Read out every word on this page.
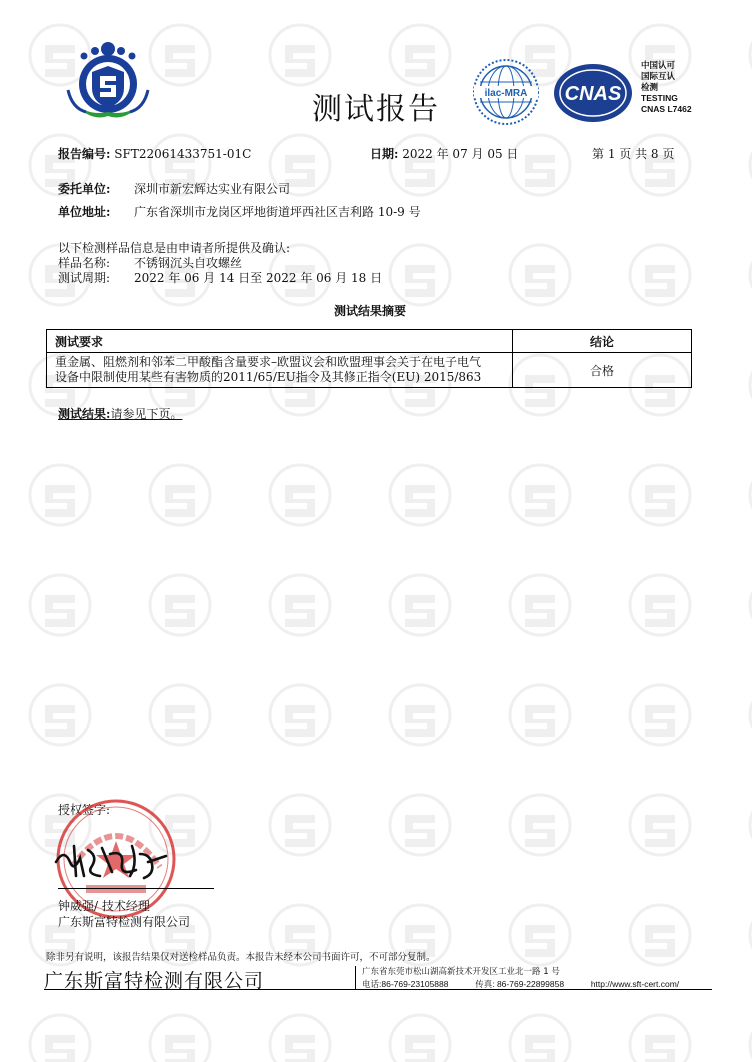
测试报告	ilac-MRA CNAS
中国认可
国际互认
检测
TESTING
CNAS L7462
报告编号: SFT22061433751-01C	日期: 2022 年 07 月 05 日	第 1 页 共 8 页
委托单位: 深圳市新宏辉达实业有限公司
单位地址: 广东省深圳市龙岗区坪地街道坪西社区吉利路 10-9 号
以下检测样品信息是由申请者所提供及确认:
样品名称: 不锈钢沉头自攻螺丝
测试周期: 2022 年 06 月 14 日至 2022 年 06 月 18 日
测试结果摘要
测试要求	结论

重金属、阻燃剂和邻苯二甲酸酯含量要求–欧盟议会和欧盟理事会关于在电子电气
设备中限制使用某些有害物质的2011/65/EU指令及其修正指令(EU) 2015/863	合格
测试结果:请参见下页。
授权签字:
钟威强/ 技术经理
广东斯富特检测有限公司
除非另有说明，该报告结果仅对送检样品负责。本报告未经本公司书面许可，不可部分复制。
广东斯富特检测有限公司	广东省东莞市松山湖高新技术开发区工业北一路 1 号
电话:86-769-23105888	传真: 86-769-22899858	http://www.sft-cert.com/
